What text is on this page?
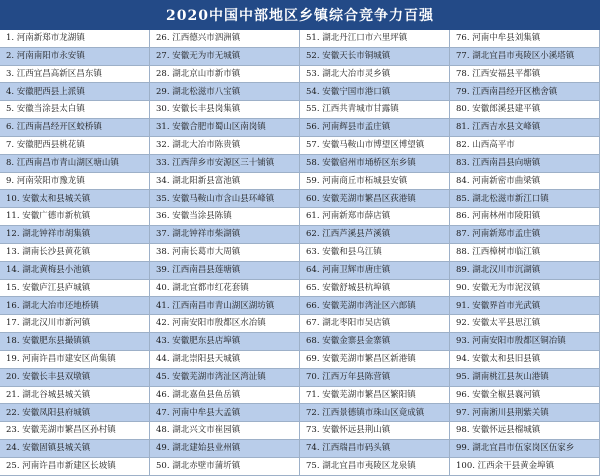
2020中国中部地区乡镇综合竞争力百强
1. 河南新郑市龙湖镇	26. 江西德兴市泗洲镇	51. 湖北丹江口市六里坪镇	76. 河南中牟县刘集镇
2. 河南南阳市永安镇	27. 安徽无为市无城镇	52. 安徽天长市铜城镇	77. 湖北宜昌市夷陵区小溪塔镇
3. 江西宜昌高新区昌东镇	28. 湖北京山市新市镇	53. 湖北大冶市灵乡镇	78. 江西安福县平都镇
4. 安徽肥西县上派镇	29. 湖北松滋市八宝镇	54. 安徽宁国市港口镇	79. 江西南昌经开区樵舍镇
5. 安徽当涂县太白镇	30. 安徽长丰县岗集镇	55. 江西共青城市甘露镇	80. 安徽郎溪县建平镇
6. 江西南昌经开区蛟桥镇	31. 安徽合肥市蜀山区南岗镇	56. 河南辉县市孟庄镇	81. 江西吉水县文峰镇
7. 安徽肥西县桃花镇	32. 湖北大冶市陈贵镇	57. 安徽马鞍山市博望区博望镇	82. 山西高平市
8. 江西南昌市青山湖区塘山镇	33. 江西萍乡市安源区三十铺镇	58. 安徽宿州市埇桥区东乡镇	83. 江西南昌县向塘镇
9. 河南荥阳市豫龙镇	34. 湖北阳新县富池镇	59. 河南商丘市柘城县安镇	84. 河南新密市曲梁镇
10. 安徽太和县城关镇	35. 安徽马鞍山市含山县环峰镇	60. 安徽芜湖市繁昌区荻港镇	85. 湖北松滋市新江口镇
11. 安徽广德市新杭镇	36. 安徽当涂县陈镇	61. 河南新郑市薛店镇	86. 河南林州市陵阳镇
12. 湖北钟祥市胡集镇	37. 湖北钟祥市柴湖镇	62. 江西芦溪县芦溪镇	87. 河南新郑市孟庄镇
13. 湖南长沙县黄花镇	38. 河南长葛市大周镇	63. 安徽和县乌江镇	88. 江西樟树市临江镇
14. 湖北黄梅县小池镇	39. 江西南昌县莲塘镇	64. 河南卫辉市唐庄镇	89. 湖北汉川市沉湖镇
15. 安徽庐江县庐城镇	40. 湖北宜都市红花套镇	65. 安徽舒城县杭埠镇	90. 安徽无为市泥汊镇
16. 湖北大冶市还地桥镇	41. 江西南昌市青山湖区湖坊镇	66. 安徽芜湖市湾沚区六郎镇	91. 安徽界首市光武镇
17. 湖北汉川市新河镇	42. 河南安阳市殷都区水冶镇	67. 湖北枣阳市吴店镇	92. 安徽太平县思江镇
18. 安徽肥东县撮镇镇	43. 安徽肥东县店埠镇	68. 安徽金寨县金寨镇	93. 河南安阳市殷都区铜冶镇
19. 河南许昌市建安区尚集镇	44. 湖北崇阳县天城镇	69. 安徽芜湖市繁昌区新港镇	94. 安徽太和县旧县镇
20. 安徽长丰县双墩镇	45. 安徽芜湖市湾沚区湾沚镇	70. 江西万年县陈营镇	95. 湖南桃江县灰山港镇
21. 湖北谷城县城关镇	46. 湖北嘉鱼县鱼岳镇	71. 安徽芜湖市繁昌区繁阳镇	96. 安徽全椒县襄河镇
22. 安徽凤阳县府城镇	47. 河南中牟县大孟镇	72. 江西景德镇市珠山区竟成镇	97. 河南淅川县荆紫关镇
23. 安徽芜湖市繁昌区孙村镇	48. 湖北兴文市崔园镇	73. 安徽怀远县荆山镇	98. 安徽怀远县榴城镇
24. 安徽固镇县城关镇	49. 湖北建始县业州镇	74. 江西瑞昌市码头镇	99. 湖北宜昌市伍家岗区伍家乡
25. 河南许昌市新建区长坡镇	50. 湖北赤壁市蒲圻镇	75. 湖北宜昌市夷陵区龙泉镇	100. 江西余干县黄金埠镇
